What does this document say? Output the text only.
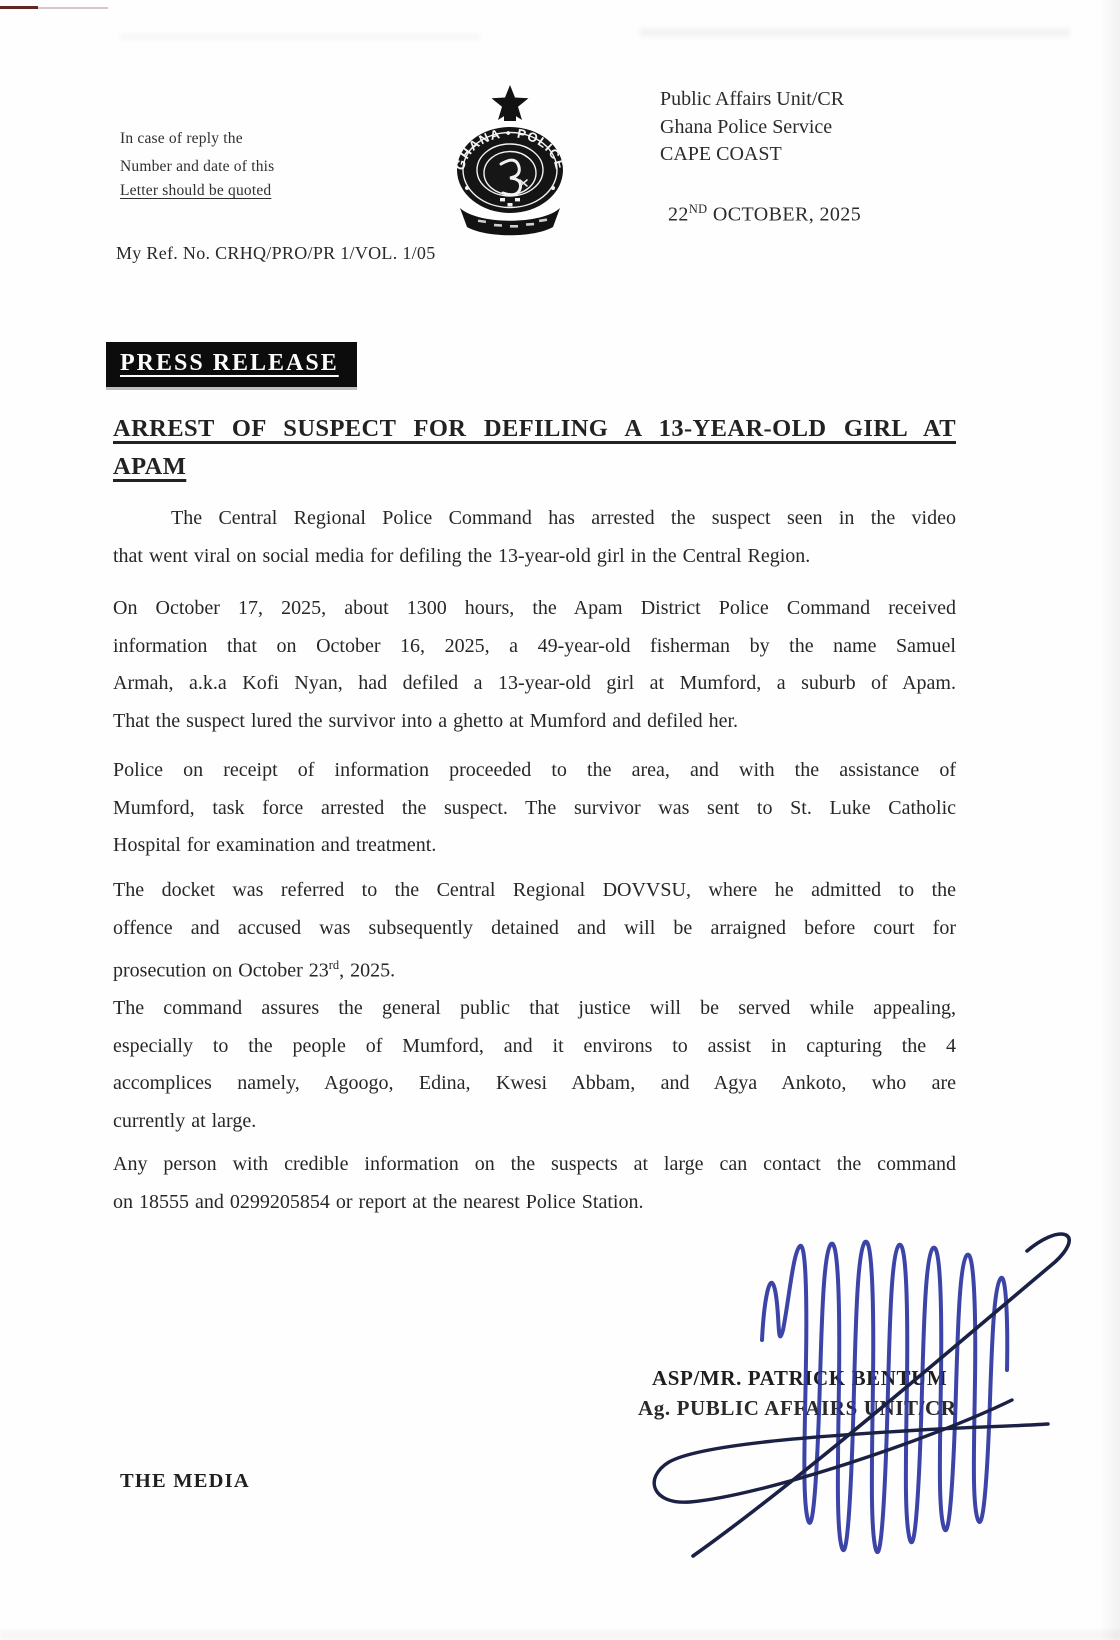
In case of reply the
Number and date of this
Letter should be quoted
My Ref. No. CRHQ/PRO/PR 1/VOL. 1/05
GHANA • POLICE
Public Affairs Unit/CR
Ghana Police Service
CAPE COAST
22ND OCTOBER, 2025
PRESS RELEASE
ARREST OF SUSPECT FOR DEFILING A 13-YEAR-OLD GIRL AT
APAM
The Central Regional Police Command has arrested the suspect seen in the video
that went viral on social media for defiling the 13-year-old girl in the Central Region.
On October 17, 2025, about 1300 hours, the Apam District Police Command received
information that on October 16, 2025, a 49-year-old fisherman by the name Samuel
Armah, a.k.a Kofi Nyan, had defiled a 13-year-old girl at Mumford, a suburb of Apam.
That the suspect lured the survivor into a ghetto at Mumford and defiled her.
Police on receipt of information proceeded to the area, and with the assistance of
Mumford, task force arrested the suspect. The survivor was sent to St. Luke Catholic
Hospital for examination and treatment.
The docket was referred to the Central Regional DOVVSU, where he admitted to the
offence and accused was subsequently detained and will be arraigned before court for
prosecution on October 23rd, 2025.
The command assures the general public that justice will be served while appealing,
especially to the people of Mumford, and it environs to assist in capturing the 4
accomplices namely, Agoogo, Edina, Kwesi Abbam, and Agya Ankoto, who are
currently at large.
Any person with credible information on the suspects at large can contact the command
on 18555 and 0299205854 or report at the nearest Police Station.
ASP/MR. PATRICK BENTUM
Ag. PUBLIC AFFAIRS UNIT/CR
THE MEDIA
